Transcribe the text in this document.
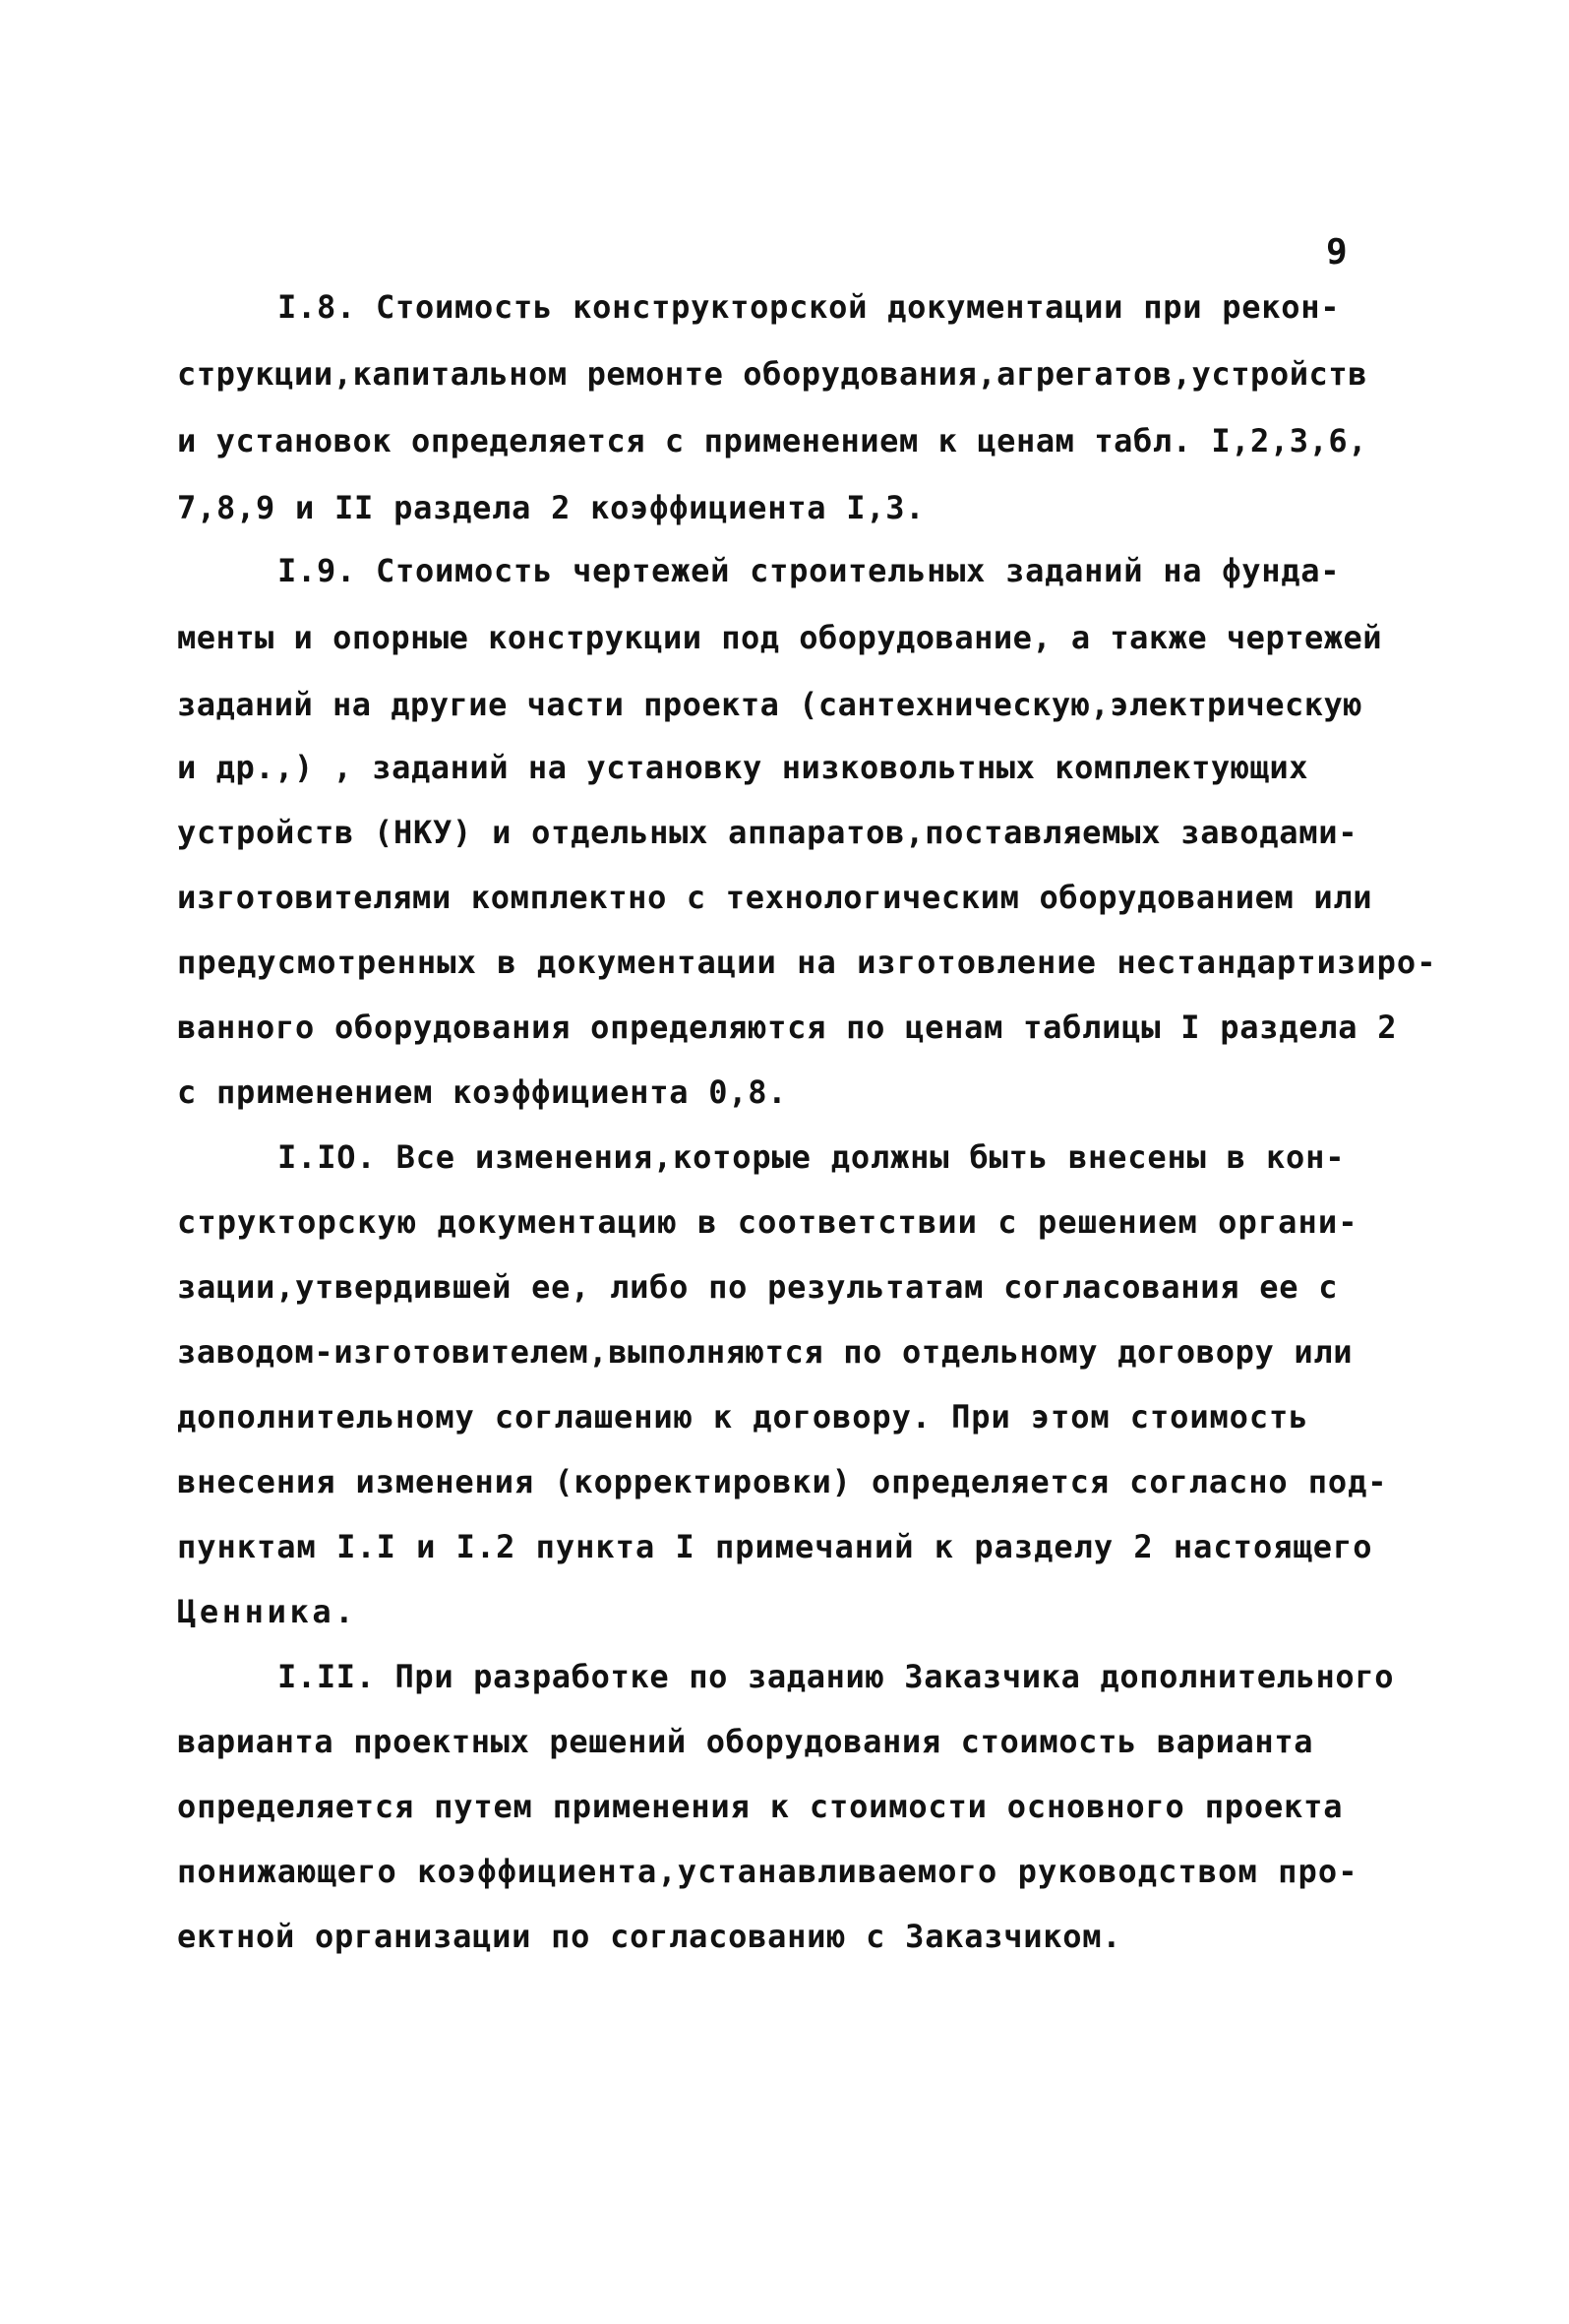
9
I.8. Стоимость конструкторской документации при рекон-
струкции,капитальном ремонте оборудования,агрегатов,устройств
и установок определяется с применением к ценам табл. I,2,3,6,
7,8,9 и II раздела 2 коэффициента I,3.
I.9. Стоимость чертежей строительных заданий на фунда-
менты и опорные конструкции под оборудование, а также чертежей
заданий на другие части проекта (сантехническую,электрическую
и др.,) , заданий на установку низковольтных комплектующих
устройств (НКУ) и отдельных аппаратов,поставляемых заводами-
изготовителями комплектно с технологическим оборудованием или
предусмотренных в документации на изготовление нестандартизиро-
ванного оборудования определяются по ценам таблицы I раздела 2
с применением коэффициента 0,8.
I.IO. Все изменения,которые должны быть внесены в кон-
структорскую документацию в соответствии с решением органи-
зации,утвердившей ее, либо по результатам согласования ее с
заводом-изготовителем,выполняются по отдельному договору или
дополнительному соглашению к договору. При этом стоимость
внесения изменения (корректировки) определяется согласно под-
пунктам I.I и I.2 пункта I примечаний к разделу 2 настоящего
Ценника.
I.II. При разработке по заданию Заказчика дополнительного
варианта проектных решений оборудования стоимость варианта
определяется путем применения к стоимости основного проекта
понижающего коэффициента,устанавливаемого руководством про-
ектной организации по согласованию с Заказчиком.
